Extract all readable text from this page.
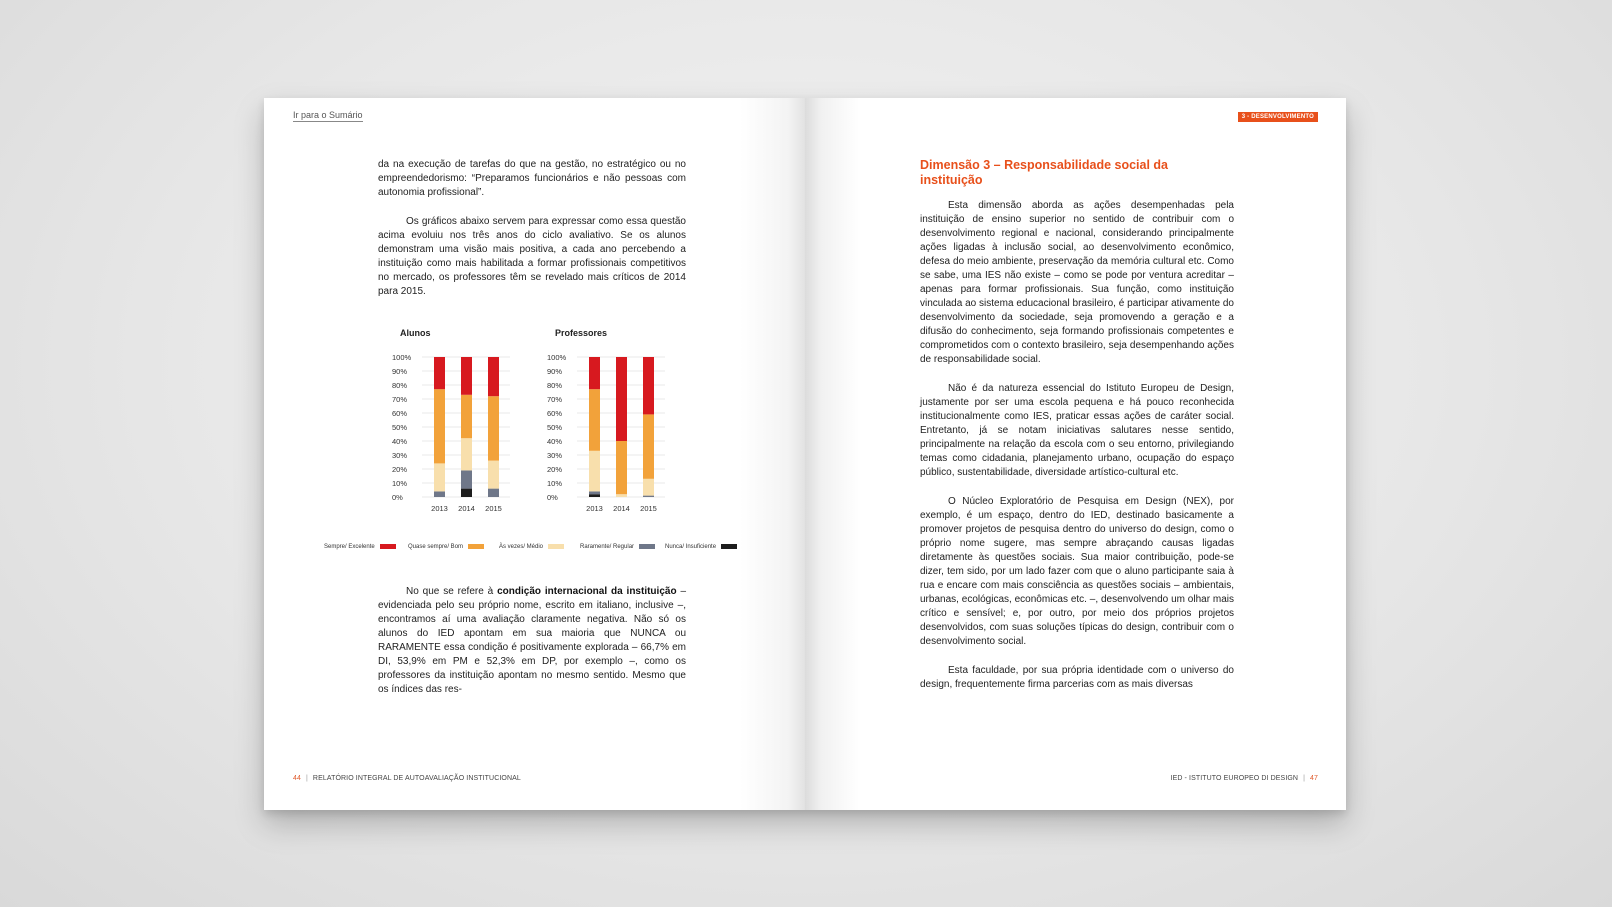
Ir para o Sumário

da na execução de tarefas do que na gestão, no estratégico ou no empreendedorismo: “Preparamos funcionários e não pessoas com autonomia profissional”.

Os gráficos abaixo servem para expressar como essa questão acima evoluiu nos três anos do ciclo avaliativo. Se os alunos demonstram uma visão mais positiva, a cada ano percebendo a instituição como mais habilitada a formar profissionais competitivos no mercado, os professores têm se revelado mais críticos de 2014 para 2015.

Alunos	Professores
100%
90%
80%
70%
60%
50%
40%
30%
20%
10%
0%
2013 2014 2015
100%
90%
80%
70%
60%
50%
40%
30%
20%
10%
0%
2013 2014 2015
Sempre/ Excelente	Quase sempre/ Bom	Às vezes/ Médio	Raramente/ Regular	Nunca/ Insuficiente

No que se refere à condição internacional da instituição – evidenciada pelo seu próprio nome, escrito em italiano, inclusive –, encontramos aí uma avaliação claramente negativa. Não só os alunos do IED apontam em sua maioria que NUNCA ou RARAMENTE essa condição é positivamente explorada – 66,7% em DI, 53,9% em PM e 52,3% em DP, por exemplo –, como os professores da instituição apontam no mesmo sentido. Mesmo que os índices das res-

44 | RELATÓRIO INTEGRAL DE AUTOAVALIAÇÃO INSTITUCIONAL
3 - DESENVOLVIMENTO
Dimensão 3 – Responsabilidade social da instituição

Esta dimensão aborda as ações desempenhadas pela instituição de ensino superior no sentido de contribuir com o desenvolvimento regional e nacional, considerando principalmente ações ligadas à inclusão social, ao desenvolvimento econômico, defesa do meio ambiente, preservação da memória cultural etc. Como se sabe, uma IES não existe – como se pode por ventura acreditar – apenas para formar profissionais. Sua função, como instituição vinculada ao sistema educacional brasileiro, é participar ativamente do desenvolvimento da sociedade, seja promovendo a geração e a difusão do conhecimento, seja formando profissionais competentes e comprometidos com o contexto brasileiro, seja desempenhando ações de responsabilidade social.

Não é da natureza essencial do Istituto Europeu de Design, justamente por ser uma escola pequena e há pouco reconhecida institucionalmente como IES, praticar essas ações de caráter social. Entretanto, já se notam iniciativas salutares nesse sentido, principalmente na relação da escola com o seu entorno, privilegiando temas como cidadania, planejamento urbano, ocupação do espaço público, sustentabilidade, diversidade artístico-cultural etc.

O Núcleo Exploratório de Pesquisa em Design (NEX), por exemplo, é um espaço, dentro do IED, destinado basicamente a promover projetos de pesquisa dentro do universo do design, como o próprio nome sugere, mas sempre abraçando causas ligadas diretamente às questões sociais. Sua maior contribuição, pode-se dizer, tem sido, por um lado fazer com que o aluno participante saia à rua e encare com mais consciência as questões sociais – ambientais, urbanas, ecológicas, econômicas etc. –, desenvolvendo um olhar mais crítico e sensível; e, por outro, por meio dos próprios projetos desenvolvidos, com suas soluções típicas do design, contribuir com o desenvolvimento social.

Esta faculdade, por sua própria identidade com o universo do design, frequentemente firma parcerias com as mais diversas

IED - ISTITUTO EUROPEO DI DESIGN | 47
